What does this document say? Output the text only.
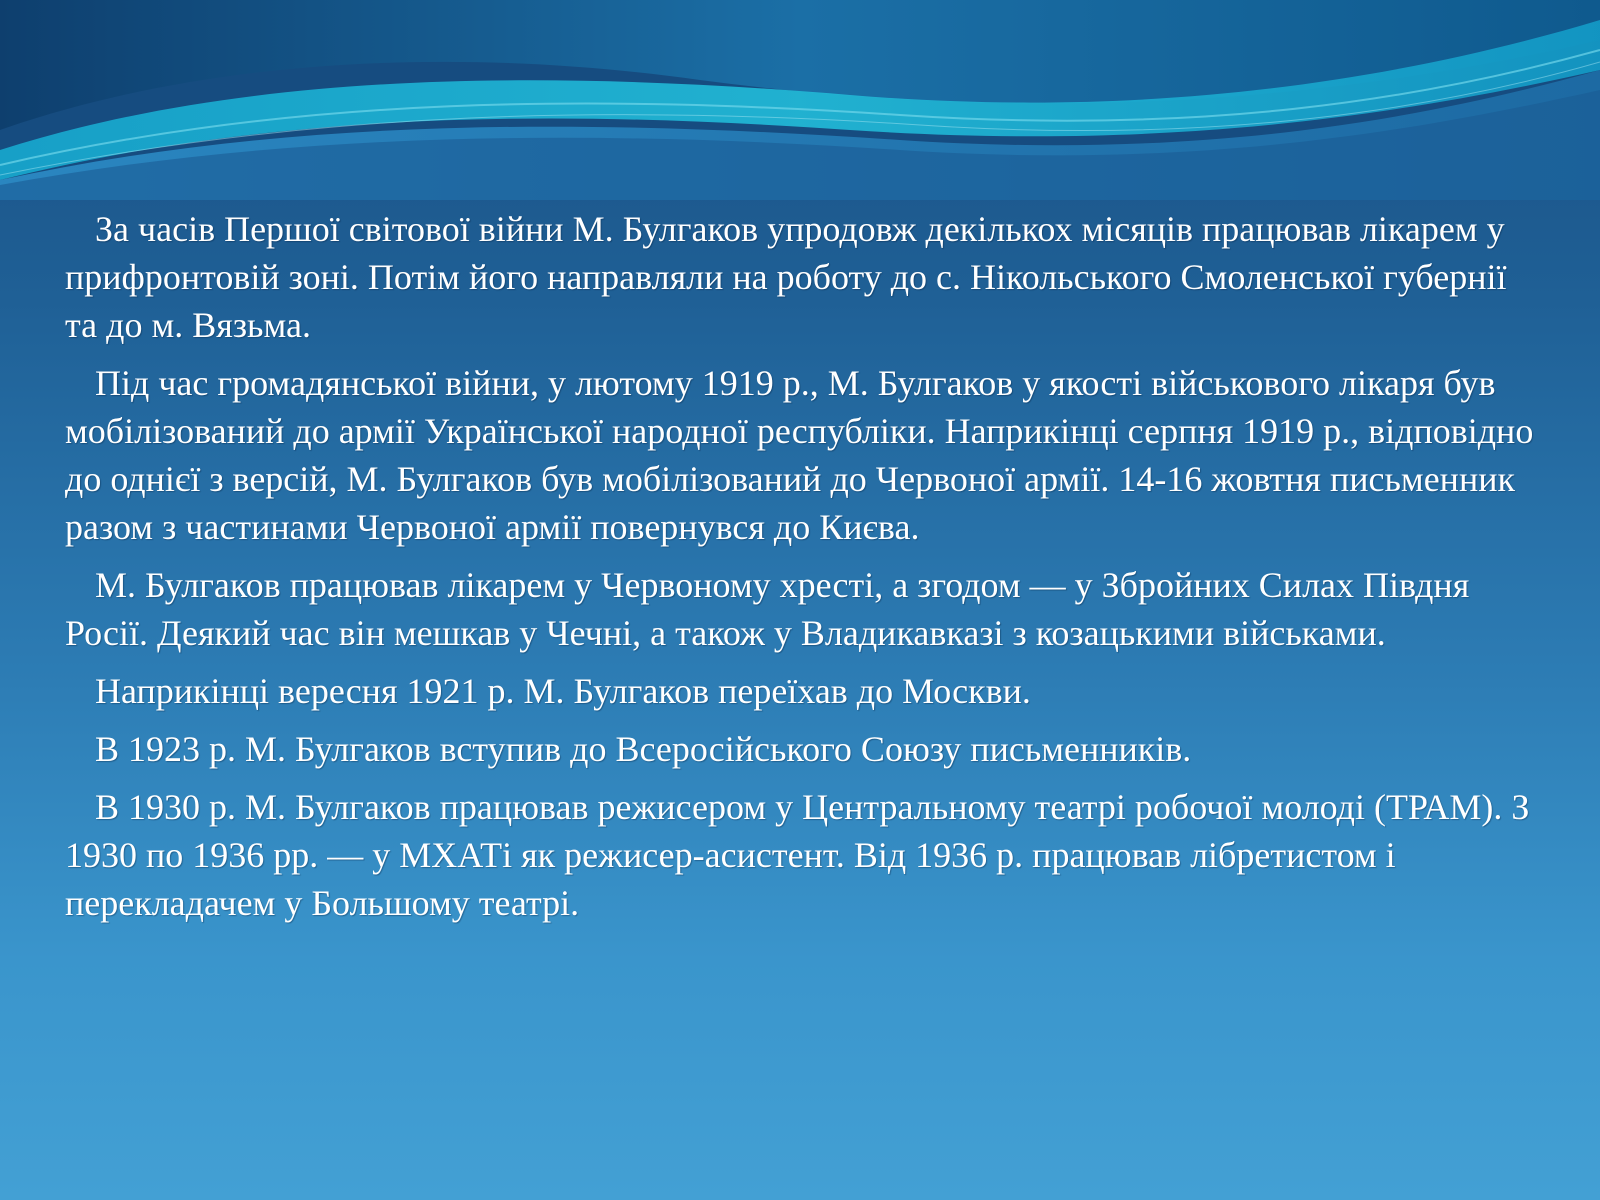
За часів Першої світової війни М. Булгаков упродовж декількох місяців працював лікарем у прифронтовій зоні. Потім його направляли на роботу до с. Нікольського Смоленської губернії та до м. Вязьма.

Під час громадянської війни, у лютому 1919 р., М. Булгаков у якості військового лікаря був мобілізований до армії Української народної республіки. Наприкінці серпня 1919 р., відповідно до однієї з версій, М. Булгаков був мобілізований до Червоної армії. 14-16 жовтня письменник разом з частинами Червоної армії повернувся до Києва.

М. Булгаков працював лікарем у Червоному хресті, а згодом — у Збройних Силах Півдня Росії. Деякий час він мешкав у Чечні, а також у Владикавказі з козацькими військами.

Наприкінці вересня 1921 р. М. Булгаков переїхав до Москви.

В 1923 р. М. Булгаков вступив до Всеросійського Союзу письменників.

В 1930 р. М. Булгаков працював режисером у Центральному театрі робочої молоді (ТРАМ). З 1930 по 1936 рр. — у МХАТі як режисер-асистент. Від 1936 р. працював лібретистом і перекладачем у Большому театрі.
